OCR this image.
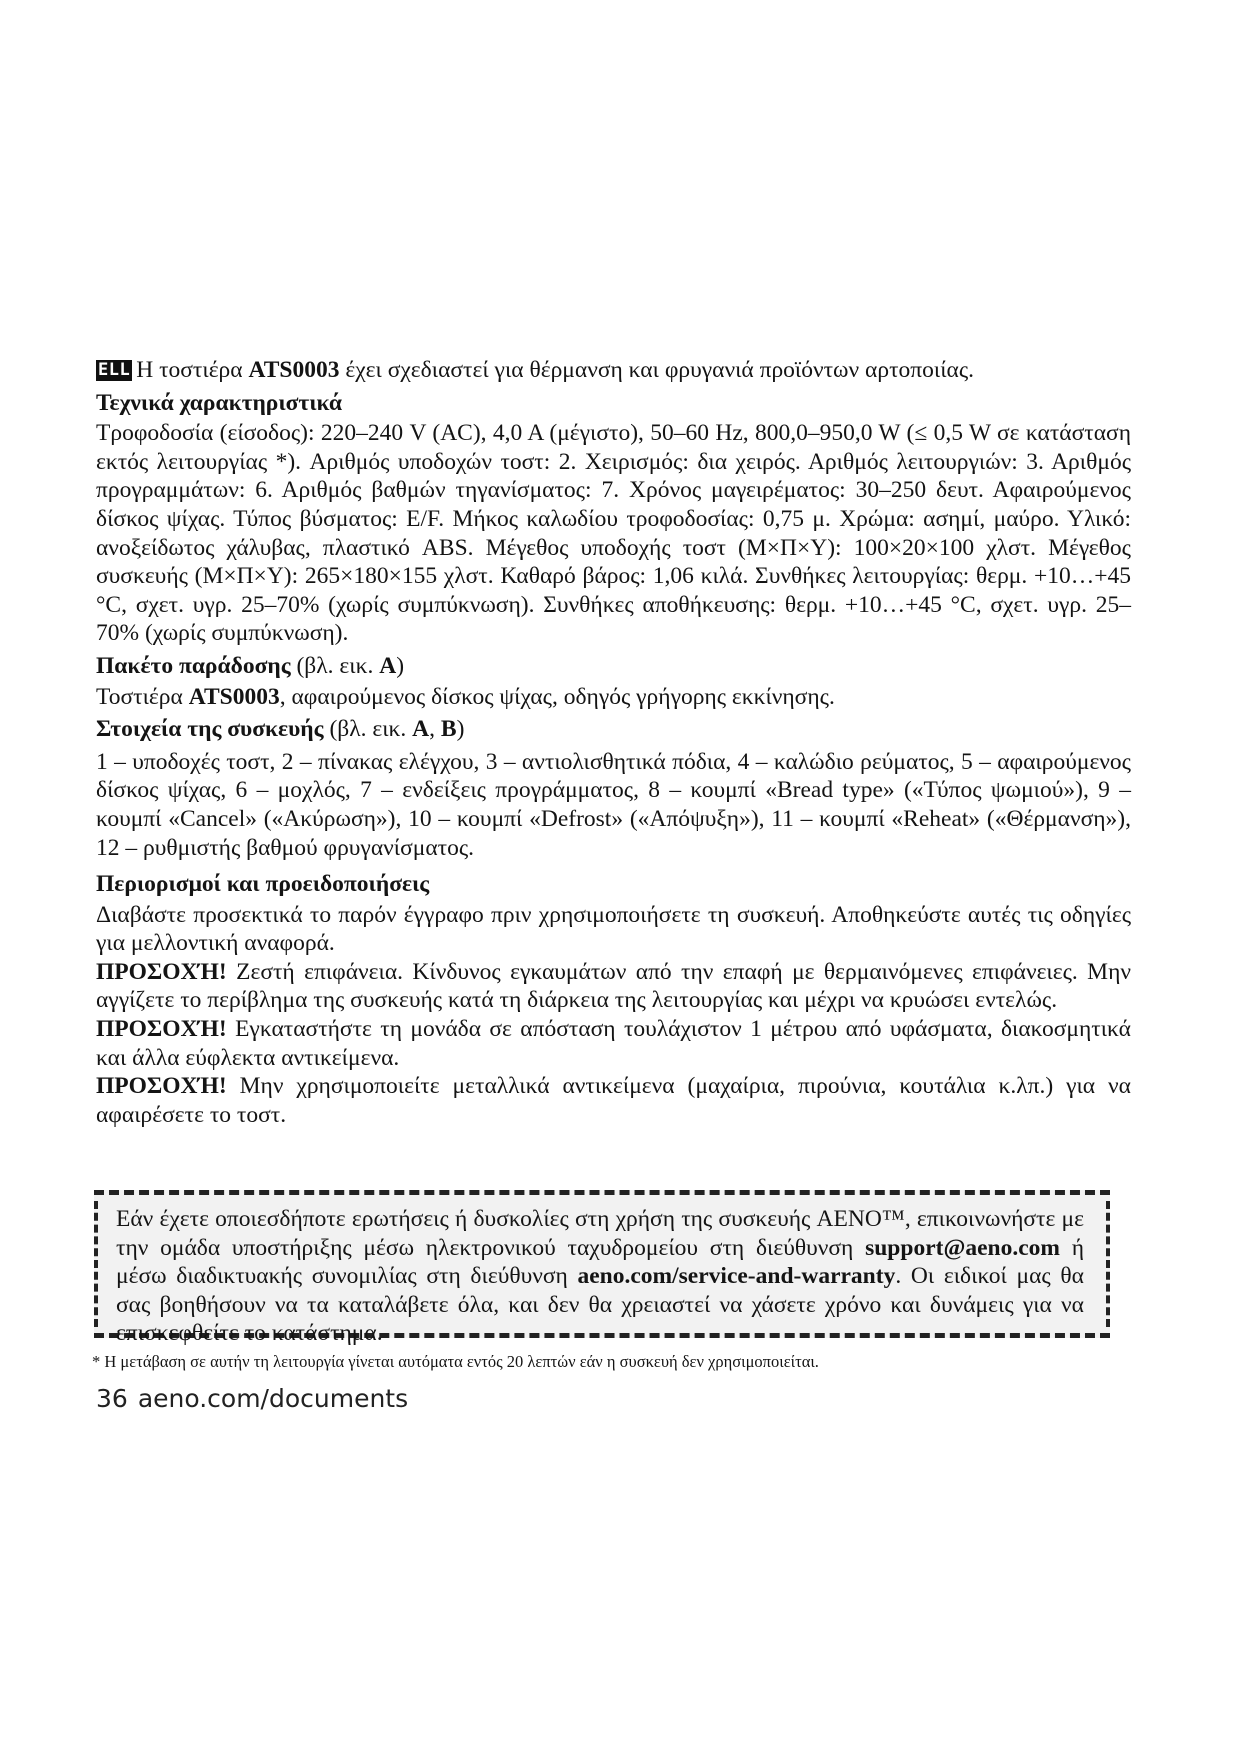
ELL Η τοστιέρα ATS0003 έχει σχεδιαστεί για θέρμανση και φρυγανιά προϊόντων αρτοποιίας.

Τεχνικά χαρακτηριστικά

Τροφοδοσία (είσοδος): 220–240 V (AC), 4,0 A (μέγιστο), 50–60 Hz, 800,0–950,0 W (≤ 0,5 W σε κατάσταση εκτός λειτουργίας *). Αριθμός υποδοχών τοστ: 2. Χειρισμός: δια χειρός. Αριθμός λειτουργιών: 3. Αριθμός προγραμμάτων: 6. Αριθμός βαθμών τηγανίσματος: 7. Χρόνος μαγειρέματος: 30–250 δευτ. Αφαιρούμενος δίσκος ψίχας. Τύπος βύσματος: E/F. Μήκος καλωδίου τροφοδοσίας: 0,75 μ. Χρώμα: ασημί, μαύρο. Υλικό: ανοξείδωτος χάλυβας, πλαστικό ABS. Μέγεθος υποδοχής τοστ (Μ×Π×Υ): 100×20×100 χλστ. Μέγεθος συσκευής (Μ×Π×Υ): 265×180×155 χλστ. Καθαρό βάρος: 1,06 κιλά. Συνθήκες λειτουργίας: θερμ. +10…+45 °C, σχετ. υγρ. 25–70% (χωρίς συμπύκνωση). Συνθήκες αποθήκευσης: θερμ. +10…+45 °C, σχετ. υγρ. 25–70% (χωρίς συμπύκνωση).

Πακέτο παράδοσης (βλ. εικ. A)

Τοστιέρα ATS0003, αφαιρούμενος δίσκος ψίχας, οδηγός γρήγορης εκκίνησης.

Στοιχεία της συσκευής (βλ. εικ. A, B)

1 – υποδοχές τοστ, 2 – πίνακας ελέγχου, 3 – αντιολισθητικά πόδια, 4 – καλώδιο ρεύματος, 5 – αφαιρούμενος δίσκος ψίχας, 6 – μοχλός, 7 – ενδείξεις προγράμματος, 8 – κουμπί «Bread type» («Τύπος ψωμιού»), 9 – κουμπί «Cancel» («Ακύρωση»), 10 – κουμπί «Defrost» («Απόψυξη»), 11 – κουμπί «Reheat» («Θέρμανση»), 12 – ρυθμιστής βαθμού φρυγανίσματος.

Περιορισμοί και προειδοποιήσεις

Διαβάστε προσεκτικά το παρόν έγγραφο πριν χρησιμοποιήσετε τη συσκευή. Αποθηκεύστε αυτές τις οδηγίες για μελλοντική αναφορά.

ΠΡΟΣΟΧΉ! Ζεστή επιφάνεια. Κίνδυνος εγκαυμάτων από την επαφή με θερμαινόμενες επιφάνειες. Μην αγγίζετε το περίβλημα της συσκευής κατά τη διάρκεια της λειτουργίας και μέχρι να κρυώσει εντελώς.

ΠΡΟΣΟΧΉ! Εγκαταστήστε τη μονάδα σε απόσταση τουλάχιστον 1 μέτρου από υφάσματα, διακοσμητικά και άλλα εύφλεκτα αντικείμενα.

ΠΡΟΣΟΧΉ! Μην χρησιμοποιείτε μεταλλικά αντικείμενα (μαχαίρια, πιρούνια, κουτάλια κ.λπ.) για να αφαιρέσετε το τοστ.

Εάν έχετε οποιεσδήποτε ερωτήσεις ή δυσκολίες στη χρήση της συσκευής AENO™, επικοινωνήστε με την ομάδα υποστήριξης μέσω ηλεκτρονικού ταχυδρομείου στη διεύθυνση support@aeno.com ή μέσω διαδικτυακής συνομιλίας στη διεύθυνση aeno.com/service-and-warranty. Οι ειδικοί μας θα σας βοηθήσουν να τα καταλάβετε όλα, και δεν θα χρειαστεί να χάσετε χρόνο και δυνάμεις για να επισκεφθείτε το κατάστημα.

* Η μετάβαση σε αυτήν τη λειτουργία γίνεται αυτόματα εντός 20 λεπτών εάν η συσκευή δεν χρησιμοποιείται.

36 aeno.com/documents
